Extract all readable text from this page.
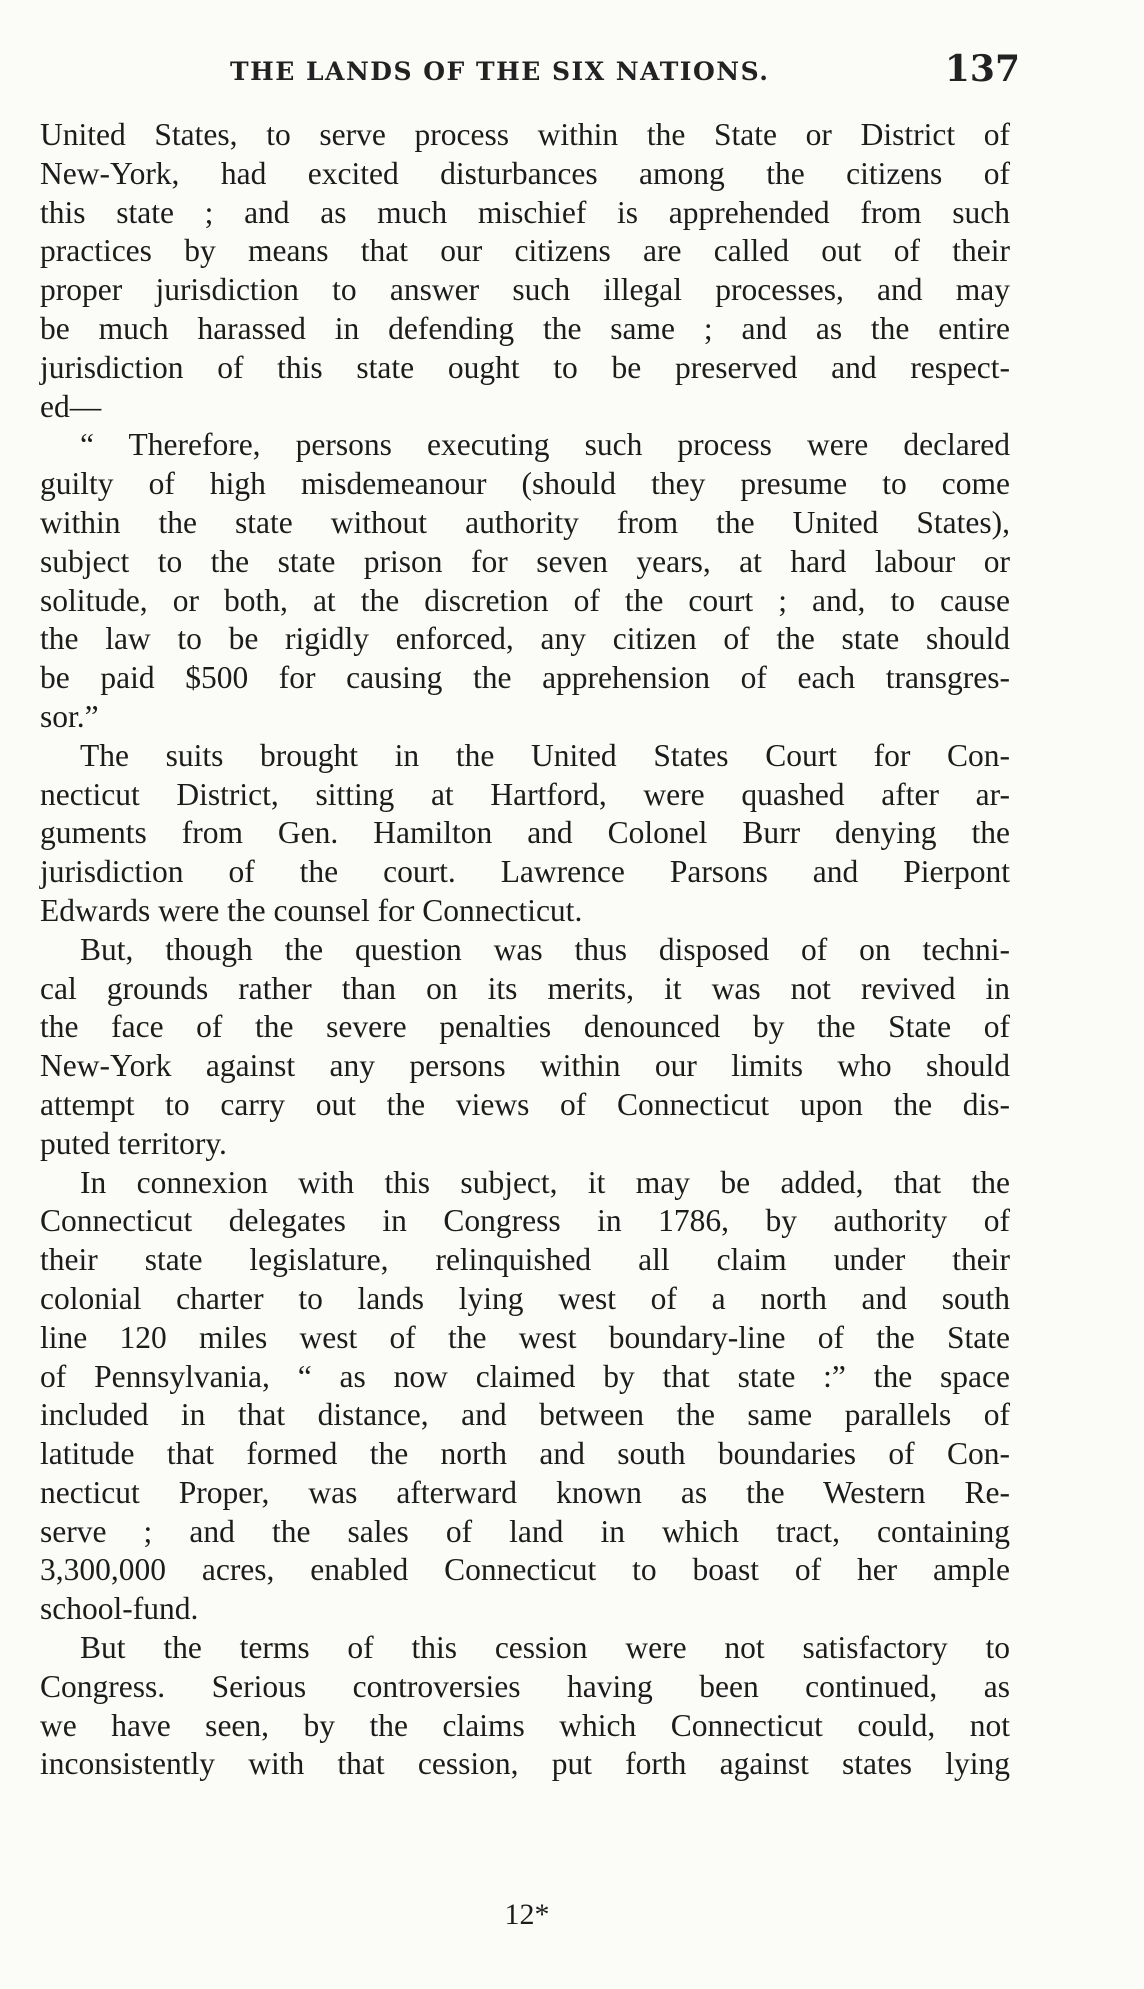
THE LANDS OF THE SIX NATIONS.	137
United States, to serve process within the State or District of
New-York, had excited disturbances among the citizens of
this state ; and as much mischief is apprehended from such
practices by means that our citizens are called out of their
proper jurisdiction to answer such illegal processes, and may
be much harassed in defending the same ; and as the entire
jurisdiction of this state ought to be preserved and respect-
ed—
“ Therefore, persons executing such process were declared
guilty of high misdemeanour (should they presume to come
within the state without authority from the United States),
subject to the state prison for seven years, at hard labour or
solitude, or both, at the discretion of the court ; and, to cause
the law to be rigidly enforced, any citizen of the state should
be paid $500 for causing the apprehension of each transgres-
sor.”
The suits brought in the United States Court for Con-
necticut District, sitting at Hartford, were quashed after ar-
guments from Gen. Hamilton and Colonel Burr denying the
jurisdiction of the court. Lawrence Parsons and Pierpont
Edwards were the counsel for Connecticut.
But, though the question was thus disposed of on techni-
cal grounds rather than on its merits, it was not revived in
the face of the severe penalties denounced by the State of
New-York against any persons within our limits who should
attempt to carry out the views of Connecticut upon the dis-
puted territory.
In connexion with this subject, it may be added, that the
Connecticut delegates in Congress in 1786, by authority of
their state legislature, relinquished all claim under their
colonial charter to lands lying west of a north and south
line 120 miles west of the west boundary-line of the State
of Pennsylvania, “ as now claimed by that state :” the space
included in that distance, and between the same parallels of
latitude that formed the north and south boundaries of Con-
necticut Proper, was afterward known as the Western Re-
serve ; and the sales of land in which tract, containing
3,300,000 acres, enabled Connecticut to boast of her ample
school-fund.
But the terms of this cession were not satisfactory to
Congress. Serious controversies having been continued, as
we have seen, by the claims which Connecticut could, not
inconsistently with that cession, put forth against states lying
12*
